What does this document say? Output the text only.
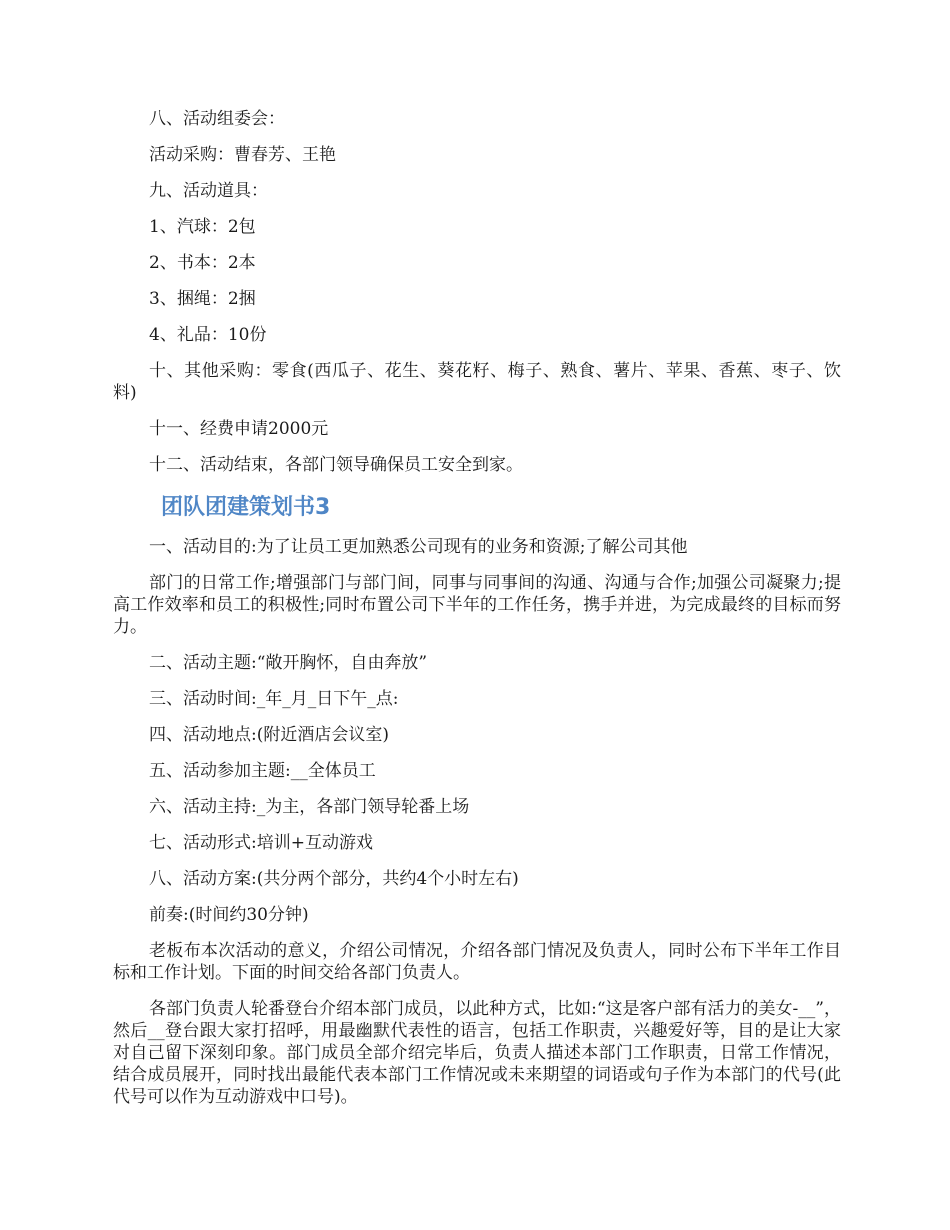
八、活动组委会：

活动采购：曹春芳、王艳

九、活动道具：

1、汽球：2包

2、书本：2本

3、捆绳：2捆

4、礼品：10份

十、其他采购：零食(西瓜子、花生、葵花籽、梅子、熟食、薯片、苹果、香蕉、枣子、饮料)

十一、经费申请2000元

十二、活动结束，各部门领导确保员工安全到家。

团队团建策划书3

一、活动目的:为了让员工更加熟悉公司现有的业务和资源;了解公司其他

部门的日常工作;增强部门与部门间，同事与同事间的沟通、沟通与合作;加强公司凝聚力;提高工作效率和员工的积极性;同时布置公司下半年的工作任务，携手并进，为完成最终的目标而努力。

二、活动主题:“敞开胸怀，自由奔放”

三、活动时间:_年_月_日下午_点:

四、活动地点:(附近酒店会议室)

五、活动参加主题:__全体员工

六、活动主持:_为主，各部门领导轮番上场

七、活动形式:培训+互动游戏

八、活动方案:(共分两个部分，共约4个小时左右)

前奏:(时间约30分钟)

老板布本次活动的意义，介绍公司情况，介绍各部门情况及负责人，同时公布下半年工作目标和工作计划。下面的时间交给各部门负责人。

各部门负责人轮番登台介绍本部门成员，以此种方式，比如:“这是客户部有活力的美女-__”，然后__登台跟大家打招呼，用最幽默代表性的语言，包括工作职责，兴趣爱好等，目的是让大家对自己留下深刻印象。部门成员全部介绍完毕后，负责人描述本部门工作职责，日常工作情况，结合成员展开，同时找出最能代表本部门工作情况或未来期望的词语或句子作为本部门的代号(此代号可以作为互动游戏中口号)。
